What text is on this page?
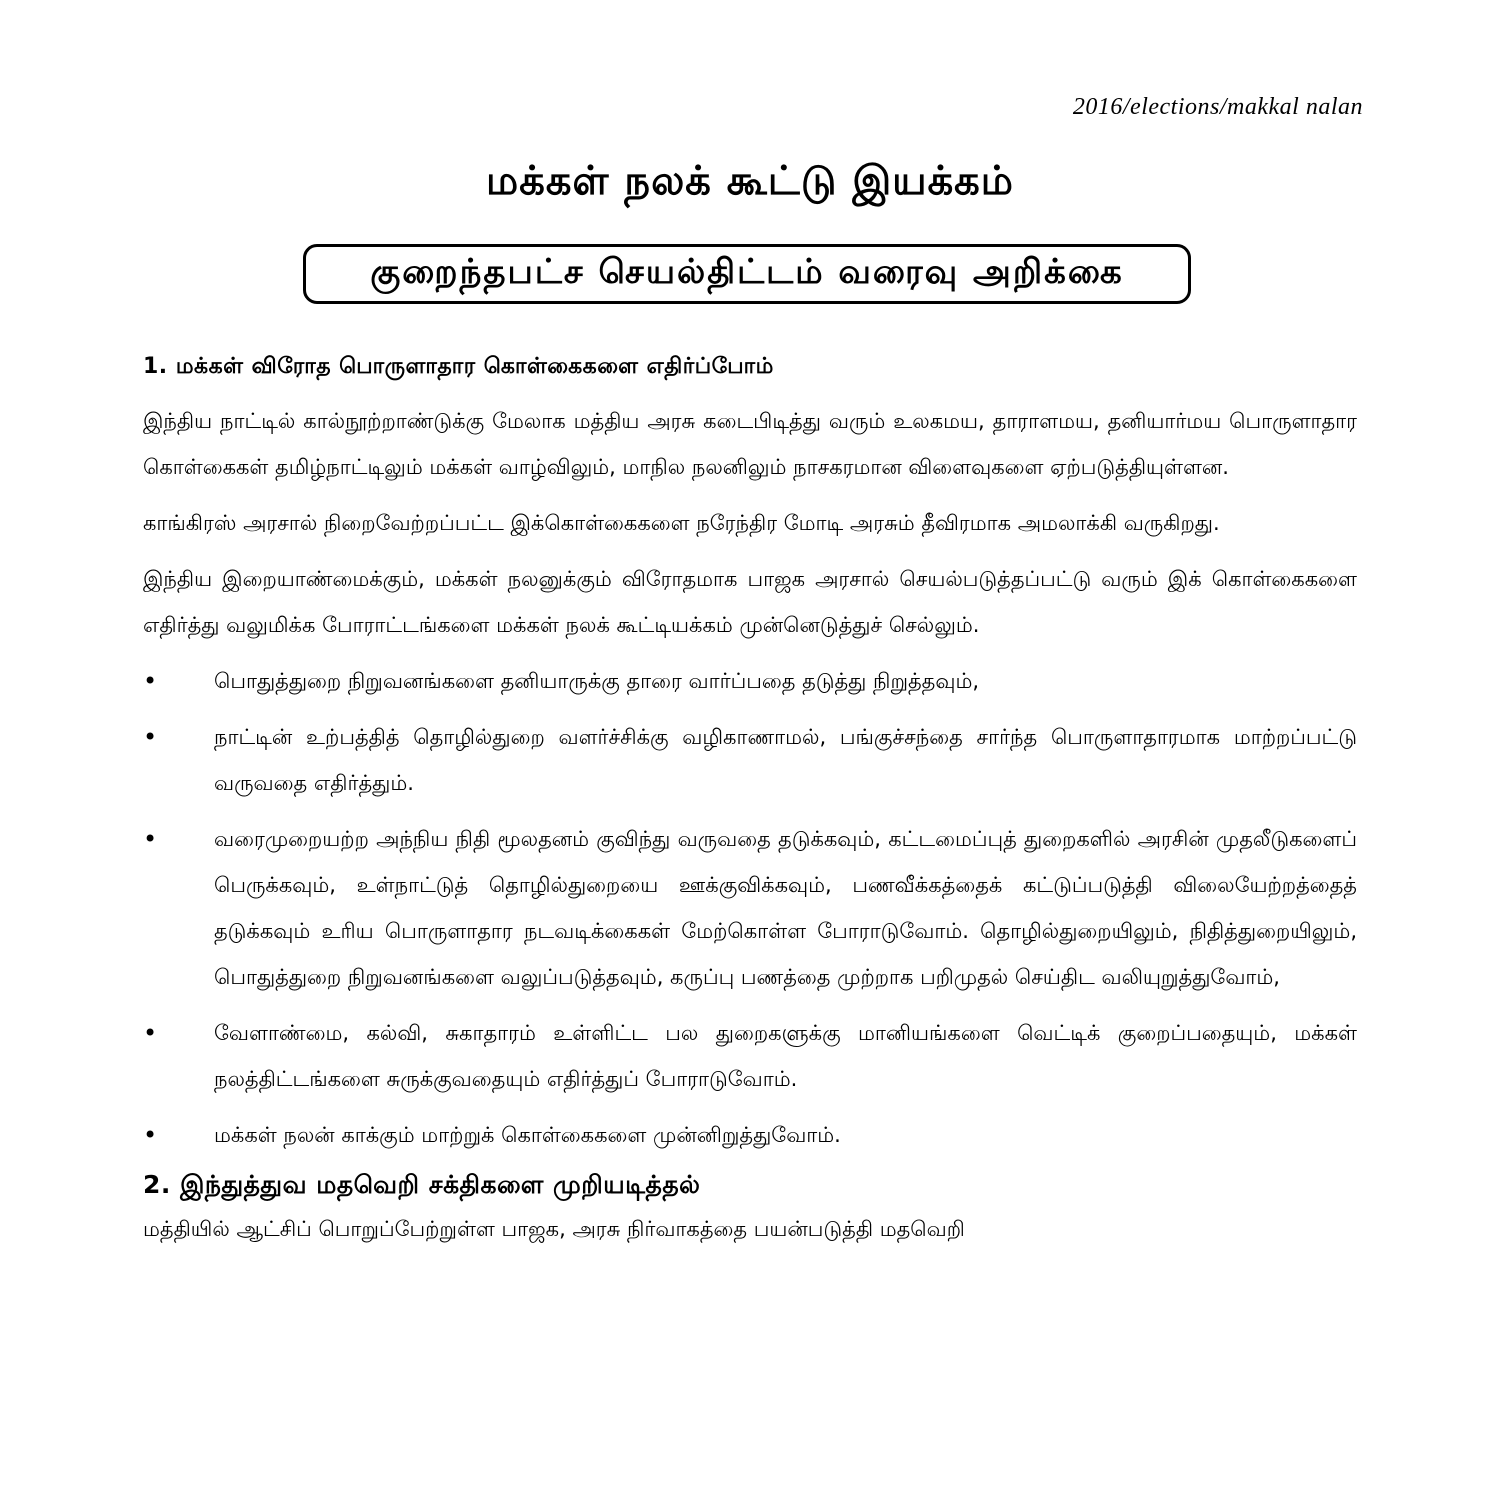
2016/elections/makkal nalan
மக்கள் நலக் கூட்டு இயக்கம்
குறைந்தபட்ச செயல்திட்டம் வரைவு அறிக்கை
1. மக்கள் விரோத பொருளாதார கொள்கைகளை எதிர்ப்போம்

இந்திய நாட்டில் கால்நூற்றாண்டுக்கு மேலாக மத்திய அரசு கடைபிடித்து வரும் உலகமய, தாராளமய, தனியார்மய பொருளாதார கொள்கைகள் தமிழ்நாட்டிலும் மக்கள் வாழ்விலும், மாநில நலனிலும் நாசகரமான விளைவுகளை ஏற்படுத்தியுள்ளன.

காங்கிரஸ் அரசால் நிறைவேற்றப்பட்ட இக்கொள்கைகளை நரேந்திர மோடி அரசும் தீவிரமாக அமலாக்கி வருகிறது.

இந்திய இறையாண்மைக்கும், மக்கள் நலனுக்கும் விரோதமாக பாஜக அரசால் செயல்படுத்தப்பட்டு வரும் இக் கொள்கைகளை எதிர்த்து வலுமிக்க போராட்டங்களை மக்கள் நலக் கூட்டியக்கம் முன்னெடுத்துச் செல்லும்.

•	பொதுத்துறை நிறுவனங்களை தனியாருக்கு தாரை வார்ப்பதை தடுத்து நிறுத்தவும்,
•	நாட்டின் உற்பத்தித் தொழில்துறை வளர்ச்சிக்கு வழிகாணாமல், பங்குச்சந்தை சார்ந்த பொருளாதாரமாக மாற்றப்பட்டு வருவதை எதிர்த்தும்.
•	வரைமுறையற்ற அந்நிய நிதி மூலதனம் குவிந்து வருவதை தடுக்கவும், கட்டமைப்புத் துறைகளில் அரசின் முதலீடுகளைப் பெருக்கவும், உள்நாட்டுத் தொழில்துறையை ஊக்குவிக்கவும், பணவீக்கத்தைக் கட்டுப்படுத்தி விலையேற்றத்தைத் தடுக்கவும் உரிய பொருளாதார நடவடிக்கைகள் மேற்கொள்ள போராடுவோம். தொழில்துறையிலும், நிதித்துறையிலும், பொதுத்துறை நிறுவனங்களை வலுப்படுத்தவும், கருப்பு பணத்தை முற்றாக பறிமுதல் செய்திட வலியுறுத்துவோம்,
•	வேளாண்மை, கல்வி, சுகாதாரம் உள்ளிட்ட பல துறைகளுக்கு மானியங்களை வெட்டிக் குறைப்பதையும், மக்கள் நலத்திட்டங்களை சுருக்குவதையும் எதிர்த்துப் போராடுவோம்.
•	மக்கள் நலன் காக்கும் மாற்றுக் கொள்கைகளை முன்னிறுத்துவோம்.
2. இந்துத்துவ மதவெறி சக்திகளை முறியடித்தல்
மத்தியில் ஆட்சிப் பொறுப்பேற்றுள்ள பாஜக, அரசு நிர்வாகத்தை பயன்படுத்தி மதவெறி
